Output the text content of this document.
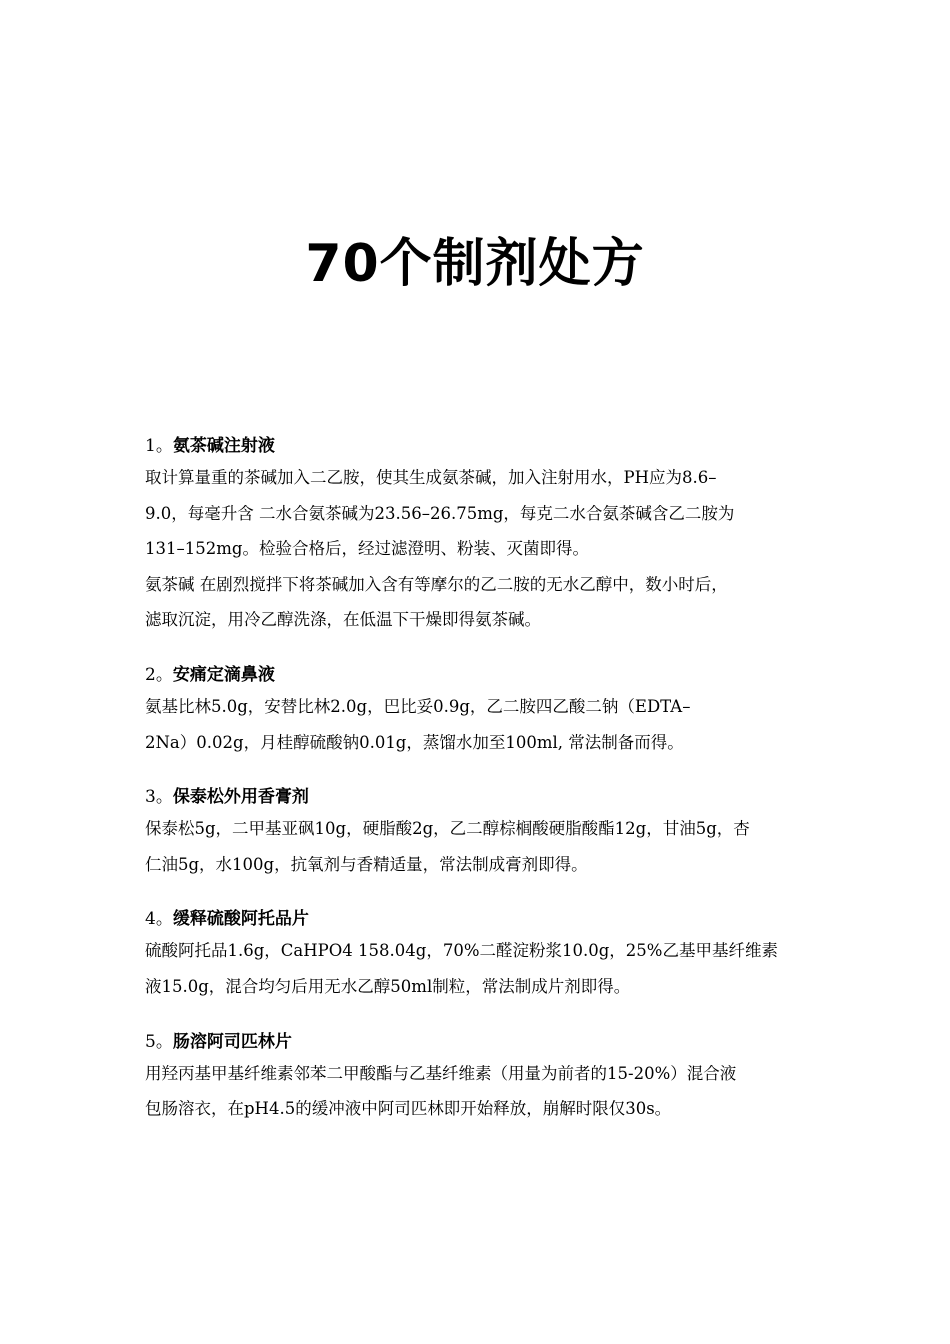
70个制剂处方

1。氨茶碱注射液

取计算量重的茶碱加入二乙胺，使其生成氨茶碱，加入注射用水，PH应为8.6–

9.0，每毫升含 二水合氨茶碱为23.56–26.75mg，每克二水合氨茶碱含乙二胺为

131–152mg。检验合格后，经过滤澄明、粉装、灭菌即得。

氨茶碱 在剧烈搅拌下将茶碱加入含有等摩尔的乙二胺的无水乙醇中，数小时后，

滤取沉淀，用冷乙醇洗涤，在低温下干燥即得氨茶碱。

2。安痛定滴鼻液

氨基比林5.0g，安替比林2.0g，巴比妥0.9g，乙二胺四乙酸二钠（EDTA–

2Na）0.02g，月桂醇硫酸钠0.01g，蒸馏水加至100ml, 常法制备而得。

3。保泰松外用香膏剂

保泰松5g，二甲基亚砜10g，硬脂酸2g，乙二醇棕榈酸硬脂酸酯12g，甘油5g，杏

仁油5g，水100g，抗氧剂与香精适量，常法制成膏剂即得。

4。缓释硫酸阿托品片

硫酸阿托品1.6g，CaHPO4 158.04g，70%二醛淀粉浆10.0g，25%乙基甲基纤维素

液15.0g，混合均匀后用无水乙醇50ml制粒，常法制成片剂即得。

5。肠溶阿司匹林片

用羟丙基甲基纤维素邻苯二甲酸酯与乙基纤维素（用量为前者的15-20%）混合液

包肠溶衣，在pH4.5的缓冲液中阿司匹林即开始释放，崩解时限仅30s。
